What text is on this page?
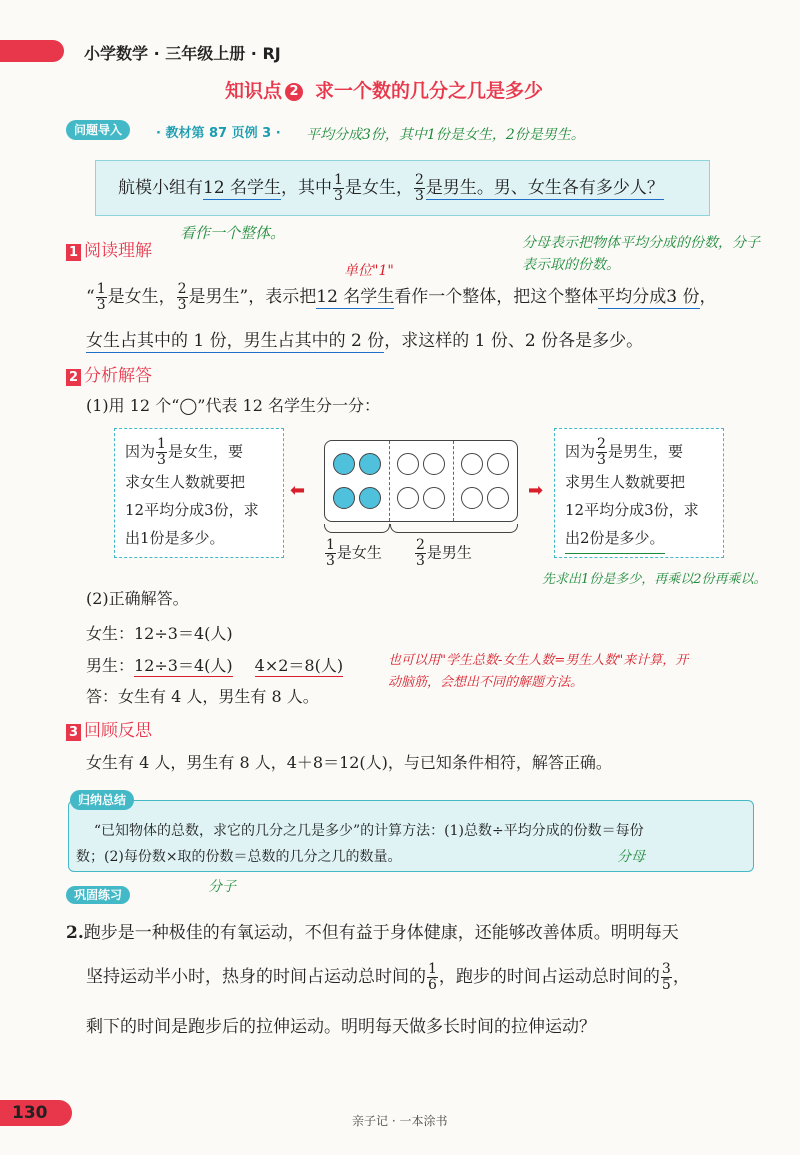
小学数学 · 三年级上册 · RJ
知识点 2 求一个数的几分之几是多少
问题导入	· 教材第 87 页例 3 · 平均分成3份，其中1份是女生，2份是男生。
航模小组有12 名学生，其中 $\frac{1}{3}$ 是女生， $\frac{2}{3}$ 是男生。男、女生各有多少人？
1 阅读理解
看作一个整体。
分母表示把物体平均分成的份数，分子表示取的份数。
单位"1"
“ $\frac{1}{3}$ 是女生， $\frac{2}{3}$ 是男生”，表示把12 名学生看作一个整体，把这个整体平均分成3 份，
女生占其中的 1 份，男生占其中的 2 份，求这样的 1 份、2 份各是多少。
2 分析解答
(1)用 12 个“◯”代表 12 名学生分一分：
因为 $\frac{1}{3}$ 是女生，要
求女生人数就要把
12平均分成3份，求
出1份是多少。
⬅
$\frac{1}{3}$ 是女生 $\frac{2}{3}$ 是男生
➡
因为 $\frac{2}{3}$ 是男生，要
求男生人数就要把
12平均分成3份，求
出2份是多少。
先求出1份是多少，再乘以2份再乘以。
(2)正确解答。
女生：12÷3＝4(人)
男生：12÷3＝4(人) 4×2＝8(人)
答：女生有 4 人，男生有 8 人。
也可以用"学生总数-女生人数=男生人数"来计算，开
动脑筋，会想出不同的解题方法。
3 回顾反思
女生有 4 人，男生有 8 人，4＋8＝12(人)，与已知条件相符，解答正确。
归纳总结
“已知物体的总数，求它的几分之几是多少”的计算方法：(1)总数÷平均分成的份数＝每份
数；(2)每份数×取的份数＝总数的几分之几的数量。	分母
分子
巩固练习
2.跑步是一种极佳的有氧运动，不但有益于身体健康，还能够改善体质。明明每天
坚持运动半小时，热身的时间占运动总时间的 $\frac{1}{6}$ ，跑步的时间占运动总时间的 $\frac{3}{5}$ ，
剩下的时间是跑步后的拉伸运动。明明每天做多长时间的拉伸运动？
130	亲子记 · 一本涂书
